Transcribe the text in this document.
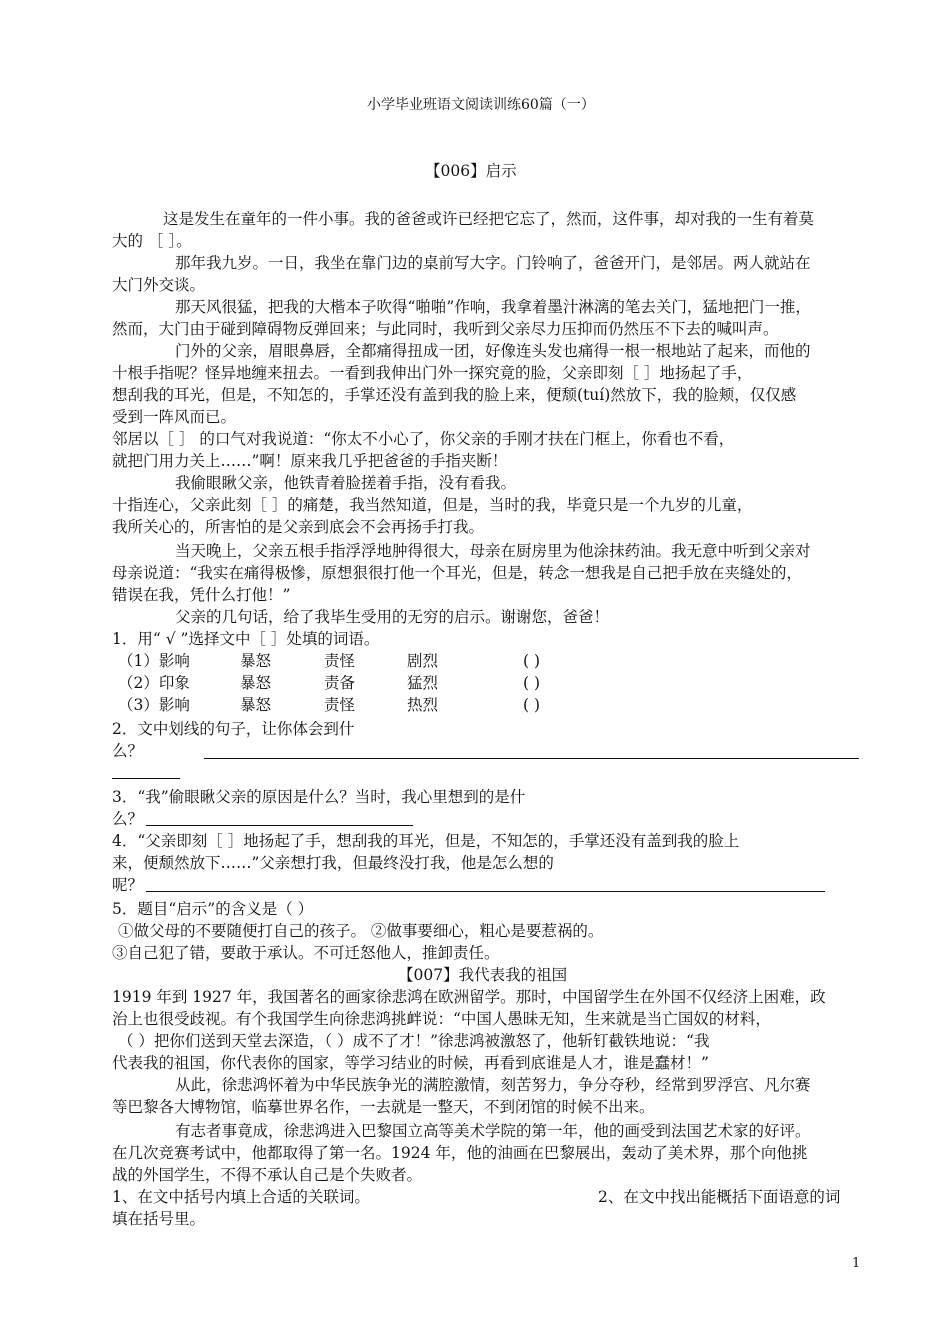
小学毕业班语文阅读训练60篇（一）
【006】启示
这是发生在童年的一件小事。我的爸爸或许已经把它忘了，然而，这件事，却对我的一生有着莫
大的 ［ ］。
那年我九岁。一日，我坐在靠门边的桌前写大字。门铃响了，爸爸开门，是邻居。两人就站在
大门外交谈。
那天风很猛，把我的大楷本子吹得“啪啪”作响，我拿着墨汁淋漓的笔去关门，猛地把门一推，
然而，大门由于碰到障碍物反弹回来；与此同时，我听到父亲尽力压抑而仍然压不下去的喊叫声。
门外的父亲，眉眼鼻唇，全都痛得扭成一团，好像连头发也痛得一根一根地站了起来，而他的
十根手指呢？怪异地缠来扭去。一看到我伸出门外一探究竟的脸，父亲即刻［ ］地扬起了手，
想刮我的耳光，但是，不知怎的，手掌还没有盖到我的脸上来，便颓(tuí)然放下，我的脸颊，仅仅感
受到一阵风而已。
邻居以［ ］ 的口气对我说道：“你太不小心了，你父亲的手刚才扶在门框上，你看也不看，
就把门用力关上……”啊！原来我几乎把爸爸的手指夹断！
我偷眼瞅父亲，他铁青着脸搓着手指，没有看我。
十指连心，父亲此刻［ ］的痛楚，我当然知道，但是，当时的我，毕竟只是一个九岁的儿童，
我所关心的，所害怕的是父亲到底会不会再扬手打我。
当天晚上，父亲五根手指浮浮地肿得很大，母亲在厨房里为他涂抹药油。我无意中听到父亲对
母亲说道：“我实在痛得极慘，原想狠很打他一个耳光，但是，转念一想我是自己把手放在夹缝处的，
错误在我，凭什么打他！”
父亲的几句话，给了我毕生受用的无穷的启示。谢谢您，爸爸！
1．用“ √ ”选择文中［ ］处填的词语。
（1）影响	暴怒	责怪	剧烈	( )
（2）印象	暴怒	责备	猛烈	( )
（3）影响	暴怒	责怪	热烈	( )
2．文中划线的句子，让你体会到什
么？
3．“我”偷眼瞅父亲的原因是什么？当时，我心里想到的是什
么？
4．“父亲即刻［ ］地扬起了手，想刮我的耳光，但是，不知怎的，手掌还没有盖到我的脸上
来，便颓然放下……”父亲想打我，但最终没打我，他是怎么想的
呢？
5．题目“启示”的含义是（ ）
①做父母的不要随便打自己的孩子。 ②做事要细心，粗心是要惹祸的。
③自己犯了错，要敢于承认。不可迁怒他人，推卸责任。
【007】我代表我的祖国
1919 年到 1927 年，我国著名的画家徐悲鸿在欧洲留学。那时，中国留学生在外国不仅经济上困难，政
治上也很受歧视。有个我国学生向徐悲鸿挑衅说：“中国人愚昧无知，生来就是当亡国奴的材料，
（ ）把你们送到天堂去深造，（ ）成不了才！”徐悲鸿被激怒了，他斩钉截铁地说：“我
代表我的祖国，你代表你的国家，等学习结业的时候，再看到底谁是人才，谁是蠢材！”
从此，徐悲鸿怀着为中华民族争光的满腔激情，刻苦努力，争分夺秒，经常到罗浮宫、凡尔赛
等巴黎各大博物馆，临摹世界名作，一去就是一整天，不到闭馆的时候不出来。
有志者事竟成，徐悲鸿进入巴黎国立高等美术学院的第一年，他的画受到法国艺术家的好评。
在几次竞赛考试中，他都取得了第一名。1924 年，他的油画在巴黎展出，轰动了美术界，那个向他挑
战的外国学生，不得不承认自己是个失败者。
1、在文中括号内填上合适的关联词。	2、在文中找出能概括下面语意的词
填在括号里。
1
